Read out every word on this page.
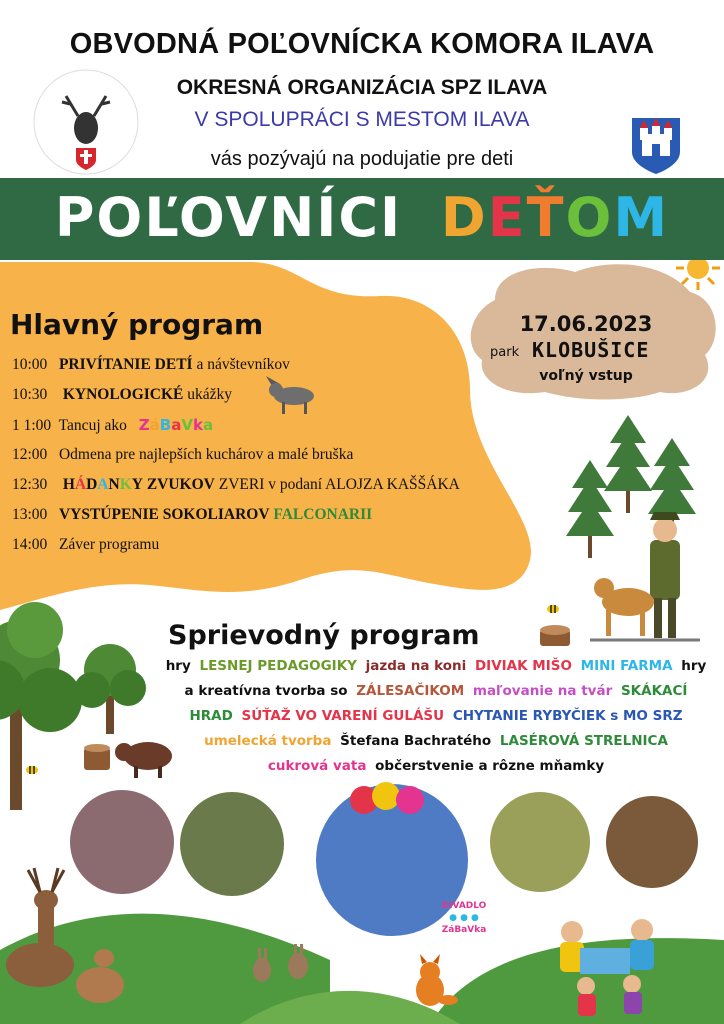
OBVODNÁ POĽOVNÍCKA KOMORA ILAVA
OKRESNÁ ORGANIZÁCIA SPZ ILAVA
V SPOLUPRÁCI S MESTOM ILAVA
vás pozývajú na podujatie pre deti
POĽOVNÍCI DEŤOM
17.06.2023
park KLOBUŠICE
voľný vstup
Hlavný program
10:00 PRIVÍTANIE DETÍ a návštevníkov
10:30 KYNOLOGICKÉ ukážky
1 1:00 Tancuj ako ZáBaVka
12:00 Odmena pre najlepších kuchárov a malé bruška
12:30 HÁDANKY ZVUKOV ZVERI v podaní ALOJZA KAŠŠÁKA
13:00 VYSTÚPENIE SOKOLIAROV FALCONARII
14:00 Záver programu
Sprievodný program
hry LESNEJ PEDAGOGIKY jazda na koni DIVIAK MIŠO MINI FARMA hry
a kreatívna tvorba so ZÁLESAČIKOM maľovanie na tvár SKÁKACÍ
HRAD SÚŤAŽ VO VARENÍ GULÁŠU CHYTANIE RYBYČIEK s MO SRZ
umelecká tvorba Štefana Bachratého LASÉROVÁ STRELNICA
cukrová vata občerstvenie a rôzne mňamky
DIVADLO
● ● ●
ZáBaVka
